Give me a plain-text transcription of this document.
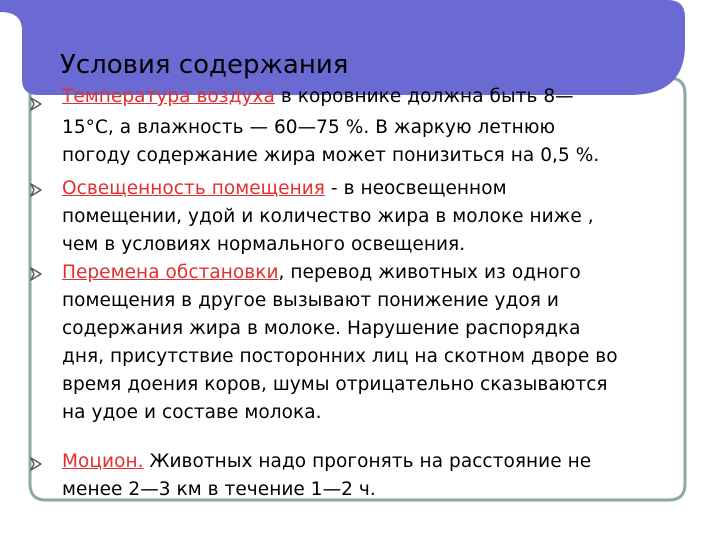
Условия содержания
Температура воздуха в коровнике должна быть 8—
15°С, а влажность — 60—75 %. В жаркую летнюю
погоду содержание жира может понизиться на 0,5 %.
Освещенность помещения - в неосвещенном
помещении, удой и количество жира в молоке ниже ,
чем в условиях нормального освещения.
Перемена обстановки, перевод животных из одного
помещения в другое вызывают понижение удоя и
содержания жира в молоке. Нарушение распорядка
дня, присутствие посторонних лиц на скотном дворе во
время доения коров, шумы отрицательно сказываются
на удое и составе молока.
Моцион. Животных надо прогонять на расстояние не
менее 2—3 км в течение 1—2 ч.
